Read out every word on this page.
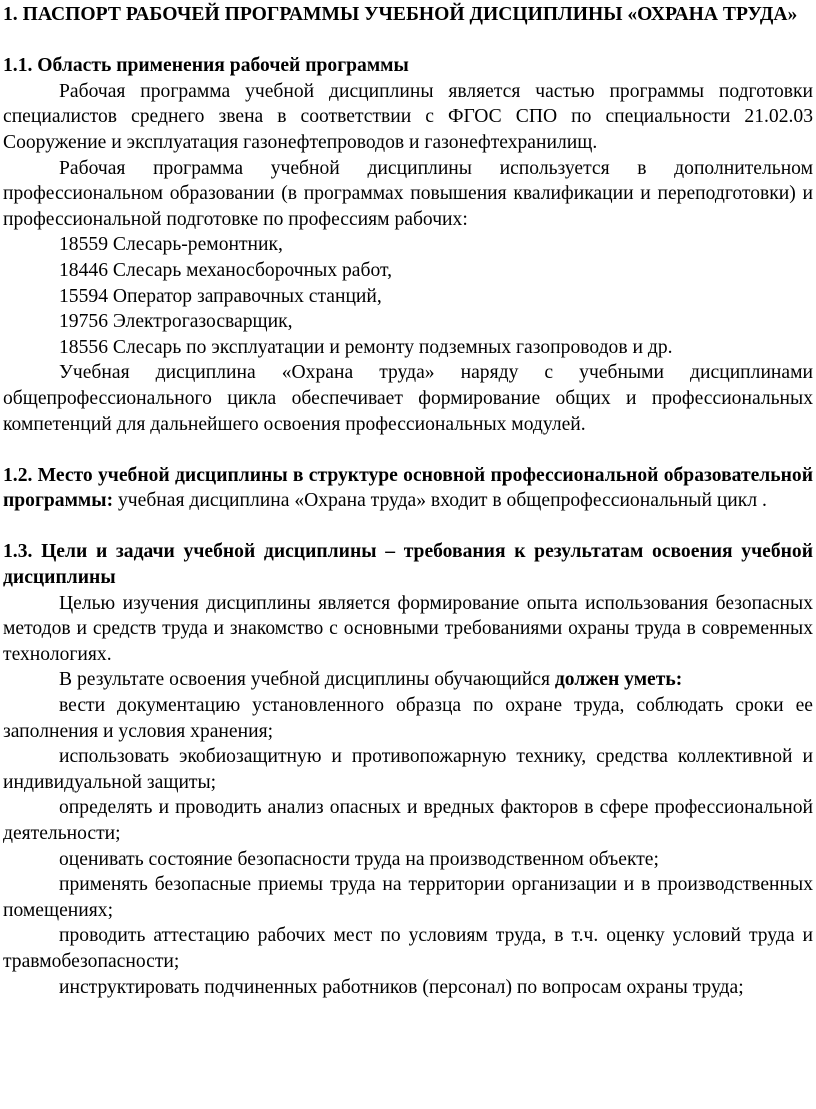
1. ПАСПОРТ РАБОЧЕЙ ПРОГРАММЫ УЧЕБНОЙ ДИСЦИПЛИНЫ «ОХРАНА ТРУДА»

1.1. Область применения рабочей программы

Рабочая программа учебной дисциплины является частью программы подготовки специалистов среднего звена в соответствии с ФГОС СПО по специальности 21.02.03 Сооружение и эксплуатация газонефтепроводов и газонефтехранилищ.

Рабочая программа учебной дисциплины используется в дополнительном профессиональном образовании (в программах повышения квалификации и переподготовки) и профессиональной подготовке по профессиям рабочих:

18559 Слесарь-ремонтник,

18446 Слесарь механосборочных работ,

15594 Оператор заправочных станций,

19756 Электрогазосварщик,

18556 Слесарь по эксплуатации и ремонту подземных газопроводов и др.

Учебная дисциплина «Охрана труда» наряду с учебными дисциплинами общепрофессионального цикла обеспечивает формирование общих и профессиональных компетенций для дальнейшего освоения профессиональных модулей.

1.2. Место учебной дисциплины в структуре основной профессиональной образовательной программы: учебная дисциплина «Охрана труда» входит в общепрофессиональный цикл .

1.3. Цели и задачи учебной дисциплины – требования к результатам освоения учебной дисциплины

Целью изучения дисциплины является формирование опыта использования безопасных методов и средств труда и знакомство с основными требованиями охраны труда в современных технологиях.

В результате освоения учебной дисциплины обучающийся должен уметь:

вести документацию установленного образца по охране труда, соблюдать сроки ее заполнения и условия хранения;

использовать экобиозащитную и противопожарную технику, средства коллективной и индивидуальной защиты;

определять и проводить анализ опасных и вредных факторов в сфере профессиональной деятельности;

оценивать состояние безопасности труда на производственном объекте;

применять безопасные приемы труда на территории организации и в производственных помещениях;

проводить аттестацию рабочих мест по условиям труда, в т.ч. оценку условий труда и травмобезопасности;

инструктировать подчиненных работников (персонал) по вопросам охраны труда;
